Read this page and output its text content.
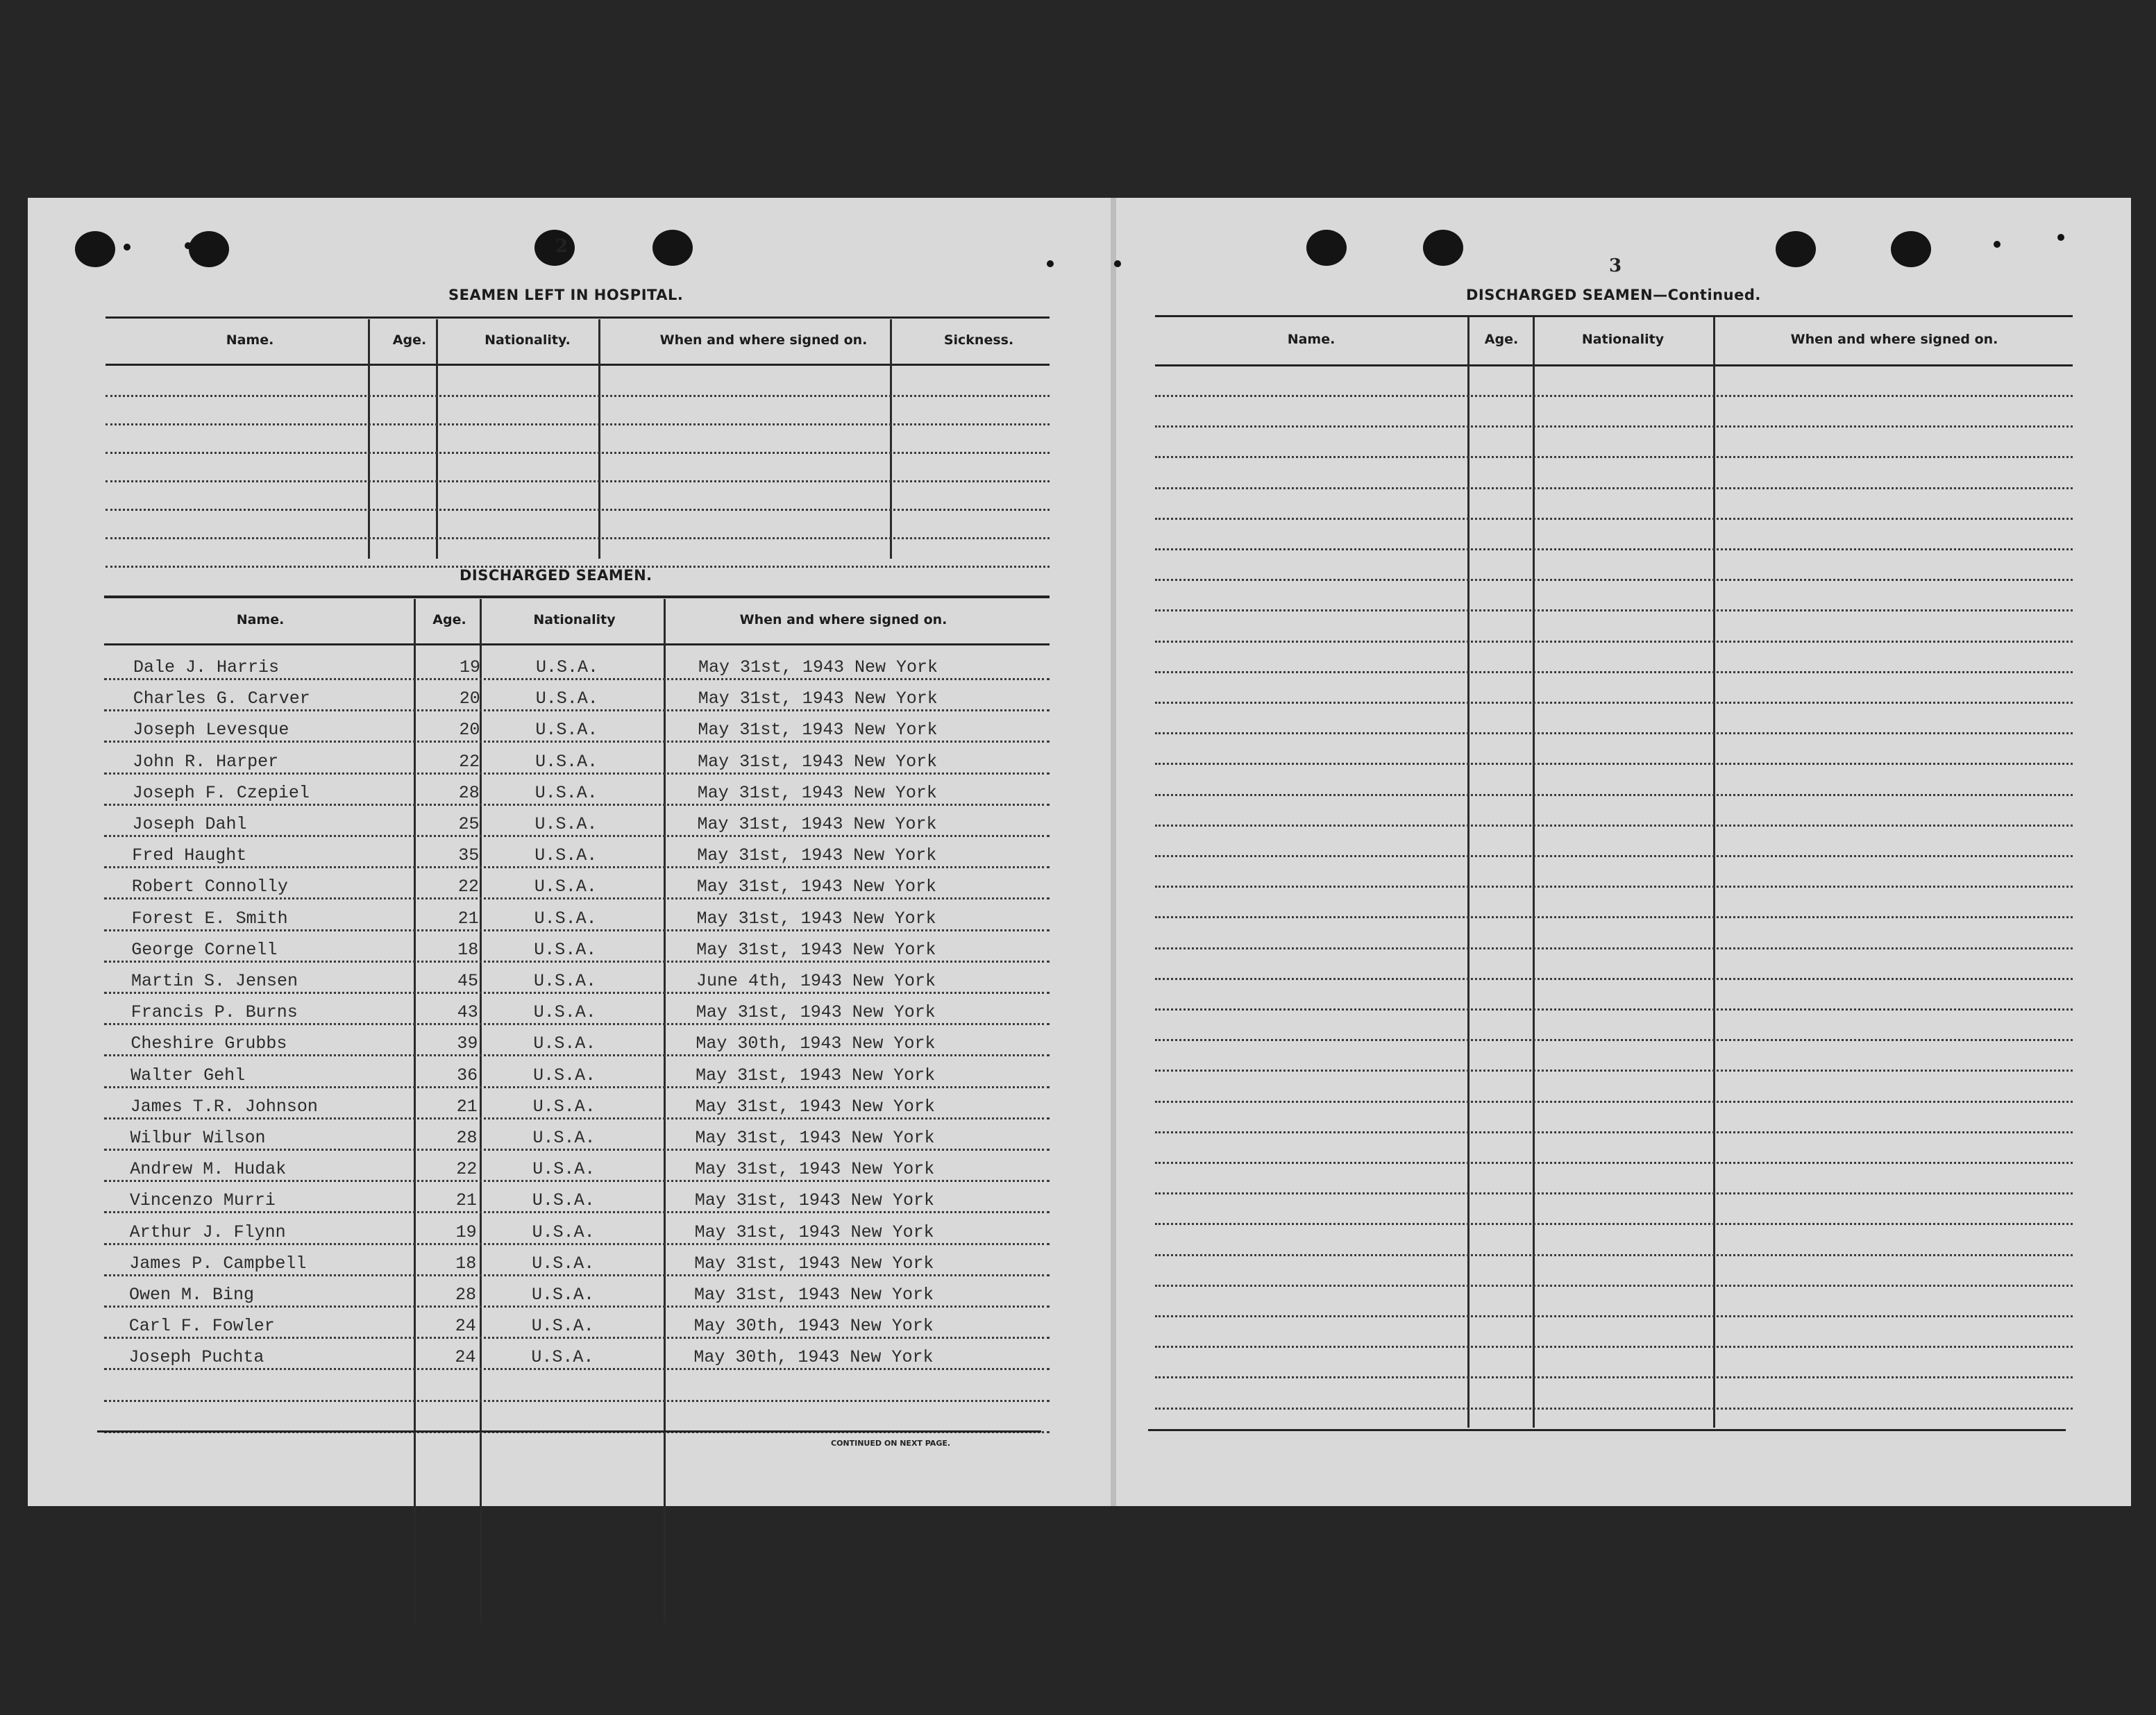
2
SEAMEN LEFT IN HOSPITAL.
Name.	Age.	Nationality.	When and where signed on.	Sickness.
DISCHARGED SEAMEN.
Name.	Age.	Nationality	When and where signed on.
Dale J. Harris	19	U.S.A.	May 31st, 1943 New York
Charles G. Carver	20	U.S.A.	May 31st, 1943 New York
Joseph Levesque	20	U.S.A.	May 31st, 1943 New York
John R. Harper	22	U.S.A.	May 31st, 1943 New York
Joseph F. Czepiel	28	U.S.A.	May 31st, 1943 New York
Joseph Dahl	25	U.S.A.	May 31st, 1943 New York
Fred Haught	35	U.S.A.	May 31st, 1943 New York
Robert Connolly	22	U.S.A.	May 31st, 1943 New York
Forest E. Smith	21	U.S.A.	May 31st, 1943 New York
George Cornell	18	U.S.A.	May 31st, 1943 New York
Martin S. Jensen	45	U.S.A.	June 4th, 1943 New York
Francis P. Burns	43	U.S.A.	May 31st, 1943 New York
Cheshire Grubbs	39	U.S.A.	May 30th, 1943 New York
Walter Gehl	36	U.S.A.	May 31st, 1943 New York
James T.R. Johnson	21	U.S.A.	May 31st, 1943 New York
Wilbur Wilson	28	U.S.A.	May 31st, 1943 New York
Andrew M. Hudak	22	U.S.A.	May 31st, 1943 New York
Vincenzo Murri	21	U.S.A.	May 31st, 1943 New York
Arthur J. Flynn	19	U.S.A.	May 31st, 1943 New York
James P. Campbell	18	U.S.A.	May 31st, 1943 New York
Owen M. Bing	28	U.S.A.	May 31st, 1943 New York
Carl F. Fowler	24	U.S.A.	May 30th, 1943 New York
Joseph Puchta	24	U.S.A.	May 30th, 1943 New York
CONTINUED ON NEXT PAGE.
3
DISCHARGED SEAMEN—Continued.
Name.	Age.	Nationality	When and where signed on.
